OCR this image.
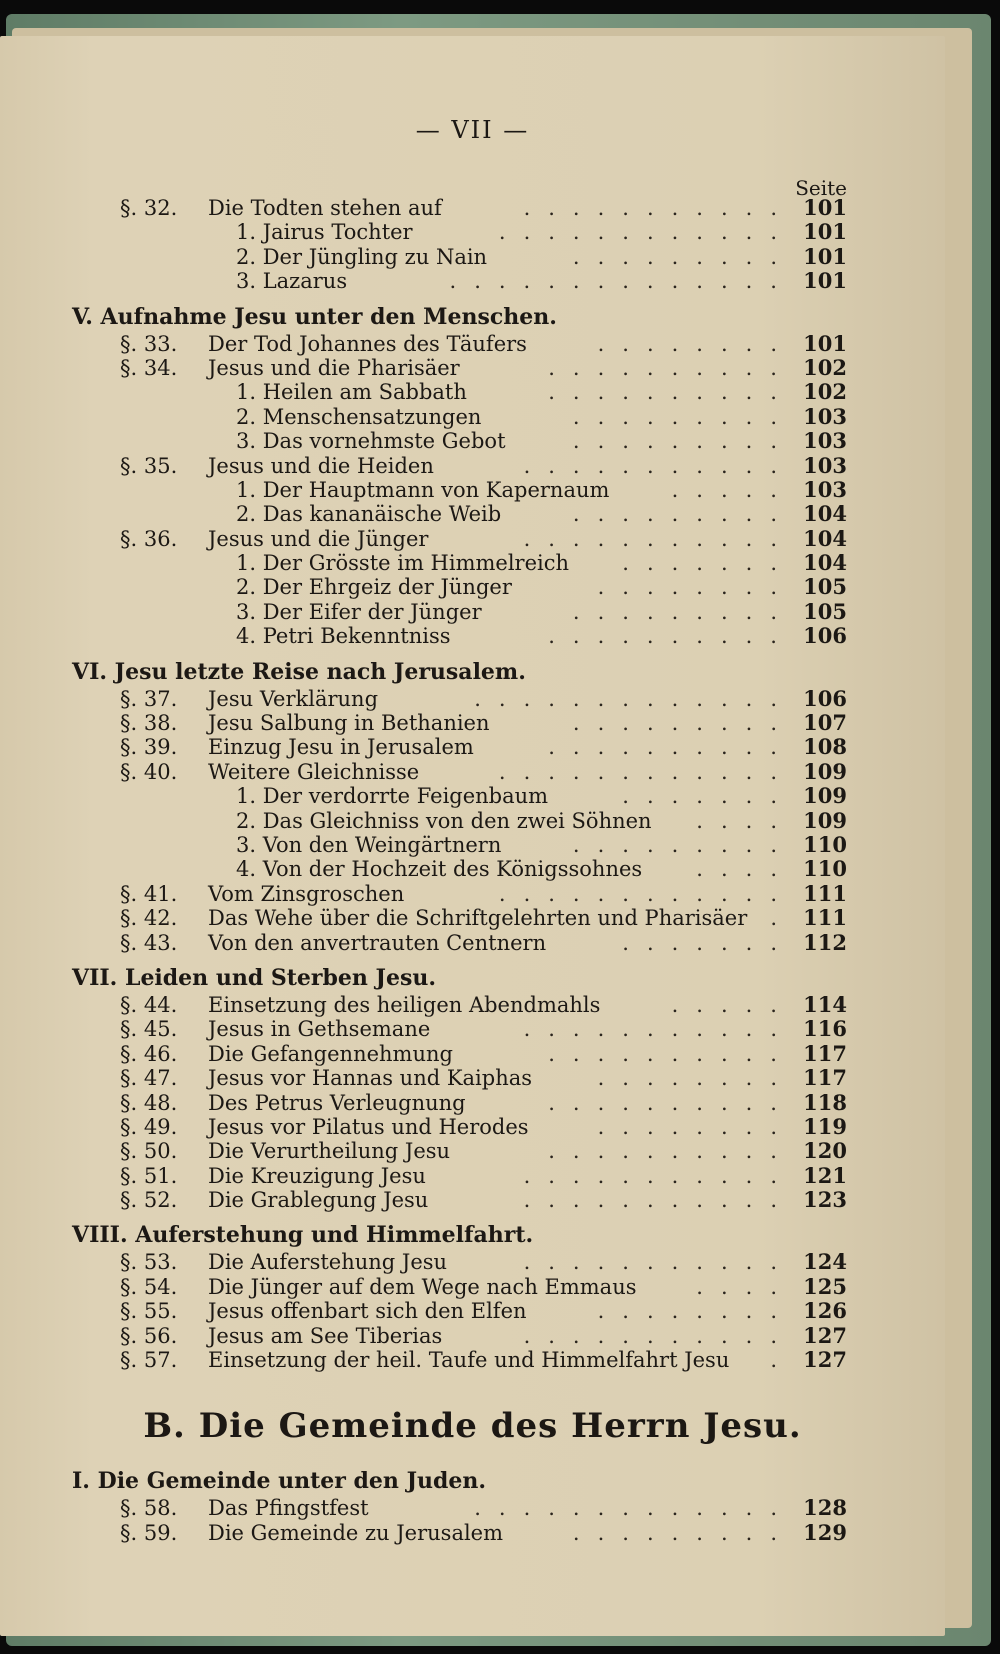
— VII —
Seite
§. 32.	Die Todten stehen auf	........... 101
1. Jairus Tochter	............ 101
2. Der Jüngling zu Nain	......... 101
3. Lazarus	.............. 101
V. Aufnahme Jesu unter den Menschen.
§. 33.	Der Tod Johannes des Täufers	........ 101
§. 34.	Jesus und die Pharisäer	.......... 102
1. Heilen am Sabbath	.......... 102
2. Menschensatzungen	......... 103
3. Das vornehmste Gebot	......... 103
§. 35.	Jesus und die Heiden	........... 103
1. Der Hauptmann von Kapernaum	..... 103
2. Das kananäische Weib	......... 104
§. 36.	Jesus und die Jünger	........... 104
1. Der Grösste im Himmelreich	....... 104
2. Der Ehrgeiz der Jünger	........ 105
3. Der Eifer der Jünger	......... 105
4. Petri Bekenntniss	.......... 106
VI. Jesu letzte Reise nach Jerusalem.
§. 37.	Jesu Verklärung	............. 106
§. 38.	Jesu Salbung in Bethanien	......... 107
§. 39.	Einzug Jesu in Jerusalem	.......... 108
§. 40.	Weitere Gleichnisse	............ 109
1. Der verdorrte Feigenbaum	....... 109
2. Das Gleichniss von den zwei Söhnen	.... 109
3. Von den Weingärtnern	......... 110
4. Von der Hochzeit des Königssohnes	.... 110
§. 41.	Vom Zinsgroschen	............ 111
§. 42.	Das Wehe über die Schriftgelehrten und Pharisäer	. 111
§. 43.	Von den anvertrauten Centnern	....... 112
VII. Leiden und Sterben Jesu.
§. 44.	Einsetzung des heiligen Abendmahls	..... 114
§. 45.	Jesus in Gethsemane	........... 116
§. 46.	Die Gefangennehmung	.......... 117
§. 47.	Jesus vor Hannas und Kaiphas	........ 117
§. 48.	Des Petrus Verleugnung	.......... 118
§. 49.	Jesus vor Pilatus und Herodes	........ 119
§. 50.	Die Verurtheilung Jesu	.......... 120
§. 51.	Die Kreuzigung Jesu	........... 121
§. 52.	Die Grablegung Jesu	........... 123
VIII. Auferstehung und Himmelfahrt.
§. 53.	Die Auferstehung Jesu	........... 124
§. 54.	Die Jünger auf dem Wege nach Emmaus	.... 125
§. 55.	Jesus offenbart sich den Elfen	........ 126
§. 56.	Jesus am See Tiberias	........... 127
§. 57.	Einsetzung der heil. Taufe und Himmelfahrt Jesu	. 127
B. Die Gemeinde des Herrn Jesu.
I. Die Gemeinde unter den Juden.
§. 58.	Das Pfingstfest	............. 128
§. 59.	Die Gemeinde zu Jerusalem	......... 129
